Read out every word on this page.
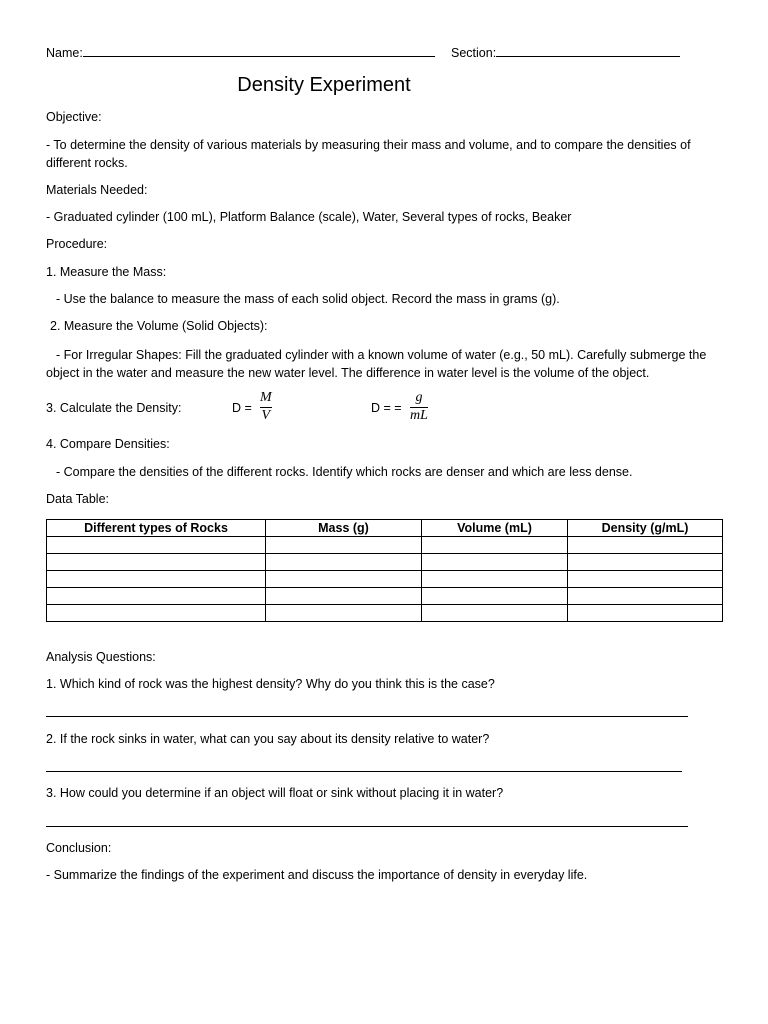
Name:	Section:
Density Experiment
Objective:
- To determine the density of various materials by measuring their mass and volume, and to compare the densities of different rocks.
Materials Needed:
- Graduated cylinder (100 mL), Platform Balance (scale), Water, Several types of rocks, Beaker
Procedure:
1. Measure the Mass:
- Use the balance to measure the mass of each solid object. Record the mass in grams (g).
2. Measure the Volume (Solid Objects):
- For Irregular Shapes: Fill the graduated cylinder with a known volume of water (e.g., 50 mL). Carefully submerge the object in the water and measure the new water level. The difference in water level is the volume of the object.
3. Calculate the Density:	D =
M
V	D = =
g
mL
4. Compare Densities:
- Compare the densities of the different rocks. Identify which rocks are denser and which are less dense.
Data Table:
Different types of Rocks	Mass (g)	Volume (mL)	Density (g/mL)

Analysis Questions:
1. Which kind of rock was the highest density? Why do you think this is the case?
2. If the rock sinks in water, what can you say about its density relative to water?
3. How could you determine if an object will float or sink without placing it in water?
Conclusion:
- Summarize the findings of the experiment and discuss the importance of density in everyday life.
